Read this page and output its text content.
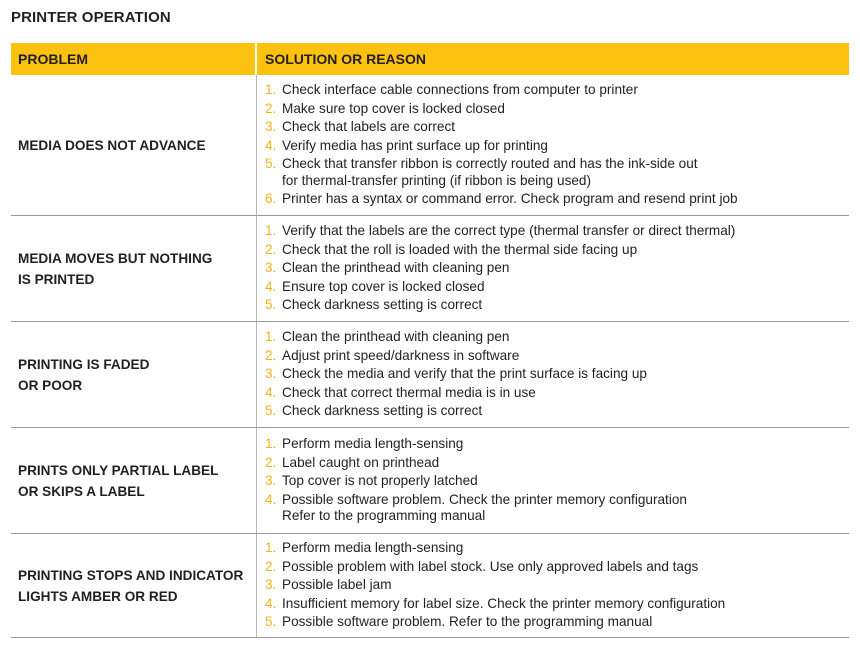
PRINTER OPERATION
PROBLEM	SOLUTION OR REASON
MEDIA DOES NOT ADVANCE
1. Check interface cable connections from computer to printer
2. Make sure top cover is locked closed
3. Check that labels are correct
4. Verify media has print surface up for printing
5. Check that transfer ribbon is correctly routed and has the ink-side out
for thermal-transfer printing (if ribbon is being used)
6. Printer has a syntax or command error. Check program and resend print job
MEDIA MOVES BUT NOTHING
IS PRINTED
1. Verify that the labels are the correct type (thermal transfer or direct thermal)
2. Check that the roll is loaded with the thermal side facing up
3. Clean the printhead with cleaning pen
4. Ensure top cover is locked closed
5. Check darkness setting is correct
PRINTING IS FADED
OR POOR
1. Clean the printhead with cleaning pen
2. Adjust print speed/darkness in software
3. Check the media and verify that the print surface is facing up
4. Check that correct thermal media is in use
5. Check darkness setting is correct
PRINTS ONLY PARTIAL LABEL
OR SKIPS A LABEL
1. Perform media length-sensing
2. Label caught on printhead
3. Top cover is not properly latched
4. Possible software problem. Check the printer memory configuration
Refer to the programming manual
PRINTING STOPS AND INDICATOR
LIGHTS AMBER OR RED
1. Perform media length-sensing
2. Possible problem with label stock. Use only approved labels and tags
3. Possible label jam
4. Insufficient memory for label size. Check the printer memory configuration
5. Possible software problem. Refer to the programming manual
